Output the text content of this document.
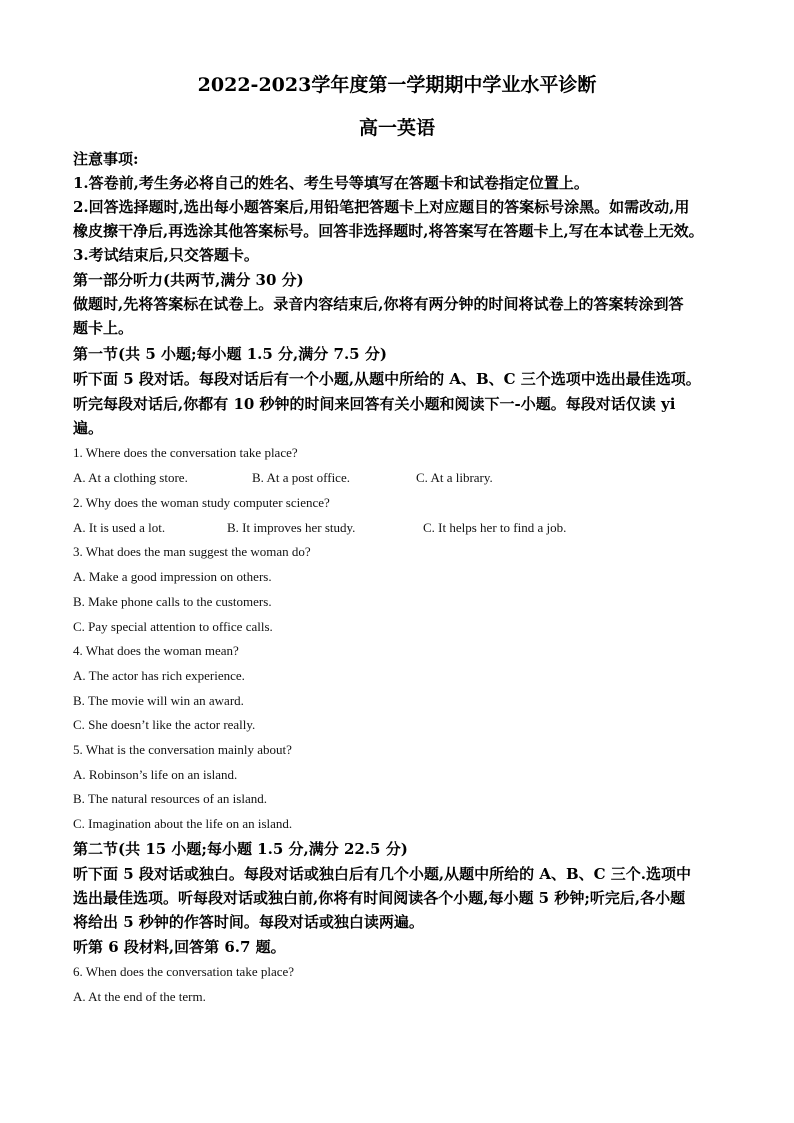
2022-2023学年度第一学期期中学业水平诊断
高一英语
注意事项:
1.答卷前,考生务必将自己的姓名、考生号等填写在答题卡和试卷指定位置上。
2.回答选择题时,选出每小题答案后,用铅笔把答题卡上对应题目的答案标号涂黑。如需改动,用
橡皮擦干净后,再选涂其他答案标号。回答非选择题时,将答案写在答题卡上,写在本试卷上无效。
3.考试结束后,只交答题卡。
第一部分听力(共两节,满分 30 分)
做题时,先将答案标在试卷上。录音内容结束后,你将有两分钟的时间将试卷上的答案转涂到答
题卡上。
第一节(共 5 小题;每小题 1.5 分,满分 7.5 分)
听下面 5 段对话。每段对话后有一个小题,从题中所给的 A、B、C 三个选项中选出最佳选项。
听完每段对话后,你都有 10 秒钟的时间来回答有关小题和阅读下一-小题。每段对话仅读 yi
遍。
1. Where does the conversation take place?
A. At a clothing store.	B. At a post office.	C. At a library.
2. Why does the woman study computer science?
A. It is used a lot.	B. It improves her study.	C. It helps her to find a job.
3. What does the man suggest the woman do?
A. Make a good impression on others.
B. Make phone calls to the customers.
C. Pay special attention to office calls.
4. What does the woman mean?
A. The actor has rich experience.
B. The movie will win an award.
C. She doesn’t like the actor really.
5. What is the conversation mainly about?
A. Robinson’s life on an island.
B. The natural resources of an island.
C. Imagination about the life on an island.
第二节(共 15 小题;每小题 1.5 分,满分 22.5 分)
听下面 5 段对话或独白。每段对话或独白后有几个小题,从题中所给的 A、B、C 三个.选项中
选出最佳选项。听每段对话或独白前,你将有时间阅读各个小题,每小题 5 秒钟;听完后,各小题
将给出 5 秒钟的作答时间。每段对话或独白读两遍。
听第 6 段材料,回答第 6.7 题。
6. When does the conversation take place?
A. At the end of the term.
